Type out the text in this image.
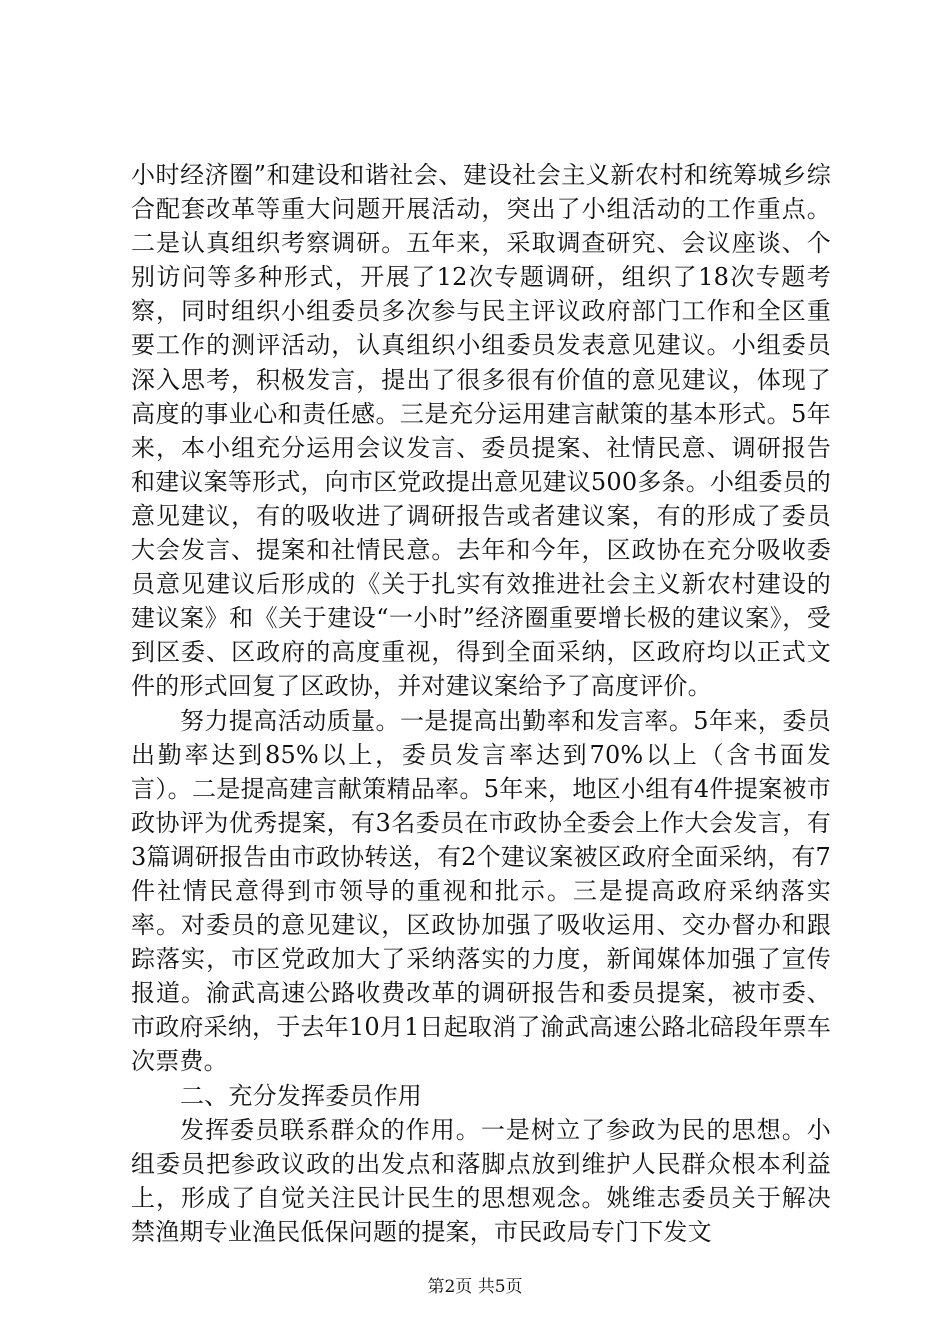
小时经济圈”和建设和谐社会、建设社会主义新农村和统筹城乡综合配套改革等重大问题开展活动，突出了小组活动的工作重点。二是认真组织考察调研。五年来，采取调查研究、会议座谈、个别访问等多种形式，开展了12次专题调研，组织了18次专题考察，同时组织小组委员多次参与民主评议政府部门工作和全区重要工作的测评活动，认真组织小组委员发表意见建议。小组委员深入思考，积极发言，提出了很多很有价值的意见建议，体现了高度的事业心和责任感。三是充分运用建言献策的基本形式。5年来，本小组充分运用会议发言、委员提案、社情民意、调研报告和建议案等形式，向市区党政提出意见建议500多条。小组委员的意见建议，有的吸收进了调研报告或者建议案，有的形成了委员大会发言、提案和社情民意。去年和今年，区政协在充分吸收委员意见建议后形成的《关于扎实有效推进社会主义新农村建设的建议案》和《关于建设“一小时”经济圈重要增长极的建议案》，受到区委、区政府的高度重视，得到全面采纳，区政府均以正式文件的形式回复了区政协，并对建议案给予了高度评价。

努力提高活动质量。一是提高出勤率和发言率。5年来，委员出勤率达到85%以上，委员发言率达到70%以上（含书面发言）。二是提高建言献策精品率。5年来，地区小组有4件提案被市政协评为优秀提案，有3名委员在市政协全委会上作大会发言，有3篇调研报告由市政协转送，有2个建议案被区政府全面采纳，有7件社情民意得到市领导的重视和批示。三是提高政府采纳落实率。对委员的意见建议，区政协加强了吸收运用、交办督办和跟踪落实，市区党政加大了采纳落实的力度，新闻媒体加强了宣传报道。渝武高速公路收费改革的调研报告和委员提案，被市委、市政府采纳，于去年10月1日起取消了渝武高速公路北碚段年票车次票费。

二、充分发挥委员作用

发挥委员联系群众的作用。一是树立了参政为民的思想。小组委员把参政议政的出发点和落脚点放到维护人民群众根本利益上，形成了自觉关注民计民生的思想观念。姚维志委员关于解决禁渔期专业渔民低保问题的提案，市民政局专门下发文

第2页 共5页
